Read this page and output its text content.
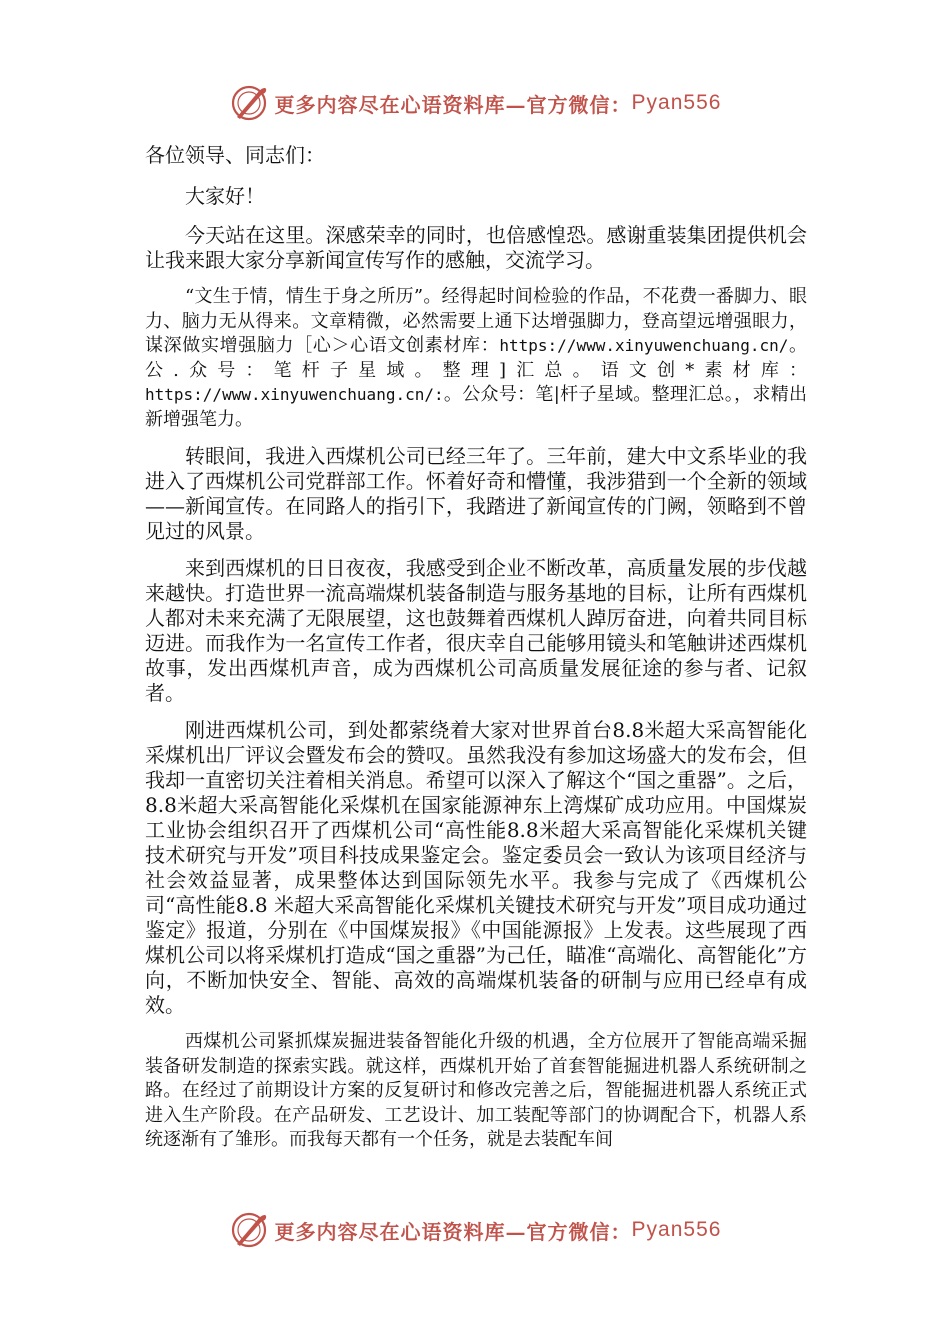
更多内容尽在心语资料库—官方微信： Pyan556

各位领导、同志们：

大家好！

今天站在这里。深感荣幸的同时，也倍感惶恐。感谢重装集团提供机会让我来跟大家分享新闻宣传写作的感触，交流学习。

“文生于情，情生于身之所历”。经得起时间检验的作品，不花费一番脚力、眼力、脑力无从得来。文章精微，必然需要上通下达增强脚力，登高望远增强眼力，谋深做实增强脑力［心＞心语文创素材库：https://www.xinyuwenchuang.cn/。公.众号：笔杆子星域。整理]汇总。语文创*素材库：https://www.xinyuwenchuang.cn/:。公众号：笔|杆子星域。整理汇总。，求精出新增强笔力。

转眼间，我进入西煤机公司已经三年了。三年前，建大中文系毕业的我进入了西煤机公司党群部工作。怀着好奇和懵懂，我涉猎到一个全新的领域——新闻宣传。在同路人的指引下，我踏进了新闻宣传的门阙，领略到不曾见过的风景。

来到西煤机的日日夜夜，我感受到企业不断改革，高质量发展的步伐越来越快。打造世界一流高端煤机装备制造与服务基地的目标，让所有西煤机人都对未来充满了无限展望，这也鼓舞着西煤机人踔厉奋进，向着共同目标迈进。而我作为一名宣传工作者，很庆幸自己能够用镜头和笔触讲述西煤机故事，发出西煤机声音，成为西煤机公司高质量发展征途的参与者、记叙者。

刚进西煤机公司，到处都萦绕着大家对世界首台8.8米超大采高智能化采煤机出厂评议会暨发布会的赞叹。虽然我没有参加这场盛大的发布会，但我却一直密切关注着相关消息。希望可以深入了解这个“国之重器”。之后，8.8米超大采高智能化采煤机在国家能源神东上湾煤矿成功应用。中国煤炭工业协会组织召开了西煤机公司“高性能8.8米超大采高智能化采煤机关键技术研究与开发”项目科技成果鉴定会。鉴定委员会一致认为该项目经济与社会效益显著，成果整体达到国际领先水平。我参与完成了《西煤机公司“高性能8.8 米超大采高智能化采煤机关键技术研究与开发”项目成功通过鉴定》报道，分别在《中国煤炭报》《中国能源报》上发表。这些展现了西煤机公司以将采煤机打造成“国之重器”为己任，瞄准“高端化、高智能化”方向，不断加快安全、智能、高效的高端煤机装备的研制与应用已经卓有成效。

西煤机公司紧抓煤炭掘进装备智能化升级的机遇，全方位展开了智能高端采掘装备研发制造的探索实践。就这样，西煤机开始了首套智能掘进机器人系统研制之路。在经过了前期设计方案的反复研讨和修改完善之后，智能掘进机器人系统正式进入生产阶段。在产品研发、工艺设计、加工装配等部门的协调配合下，机器人系统逐渐有了雏形。而我每天都有一个任务，就是去装配车间

更多内容尽在心语资料库—官方微信： Pyan556
